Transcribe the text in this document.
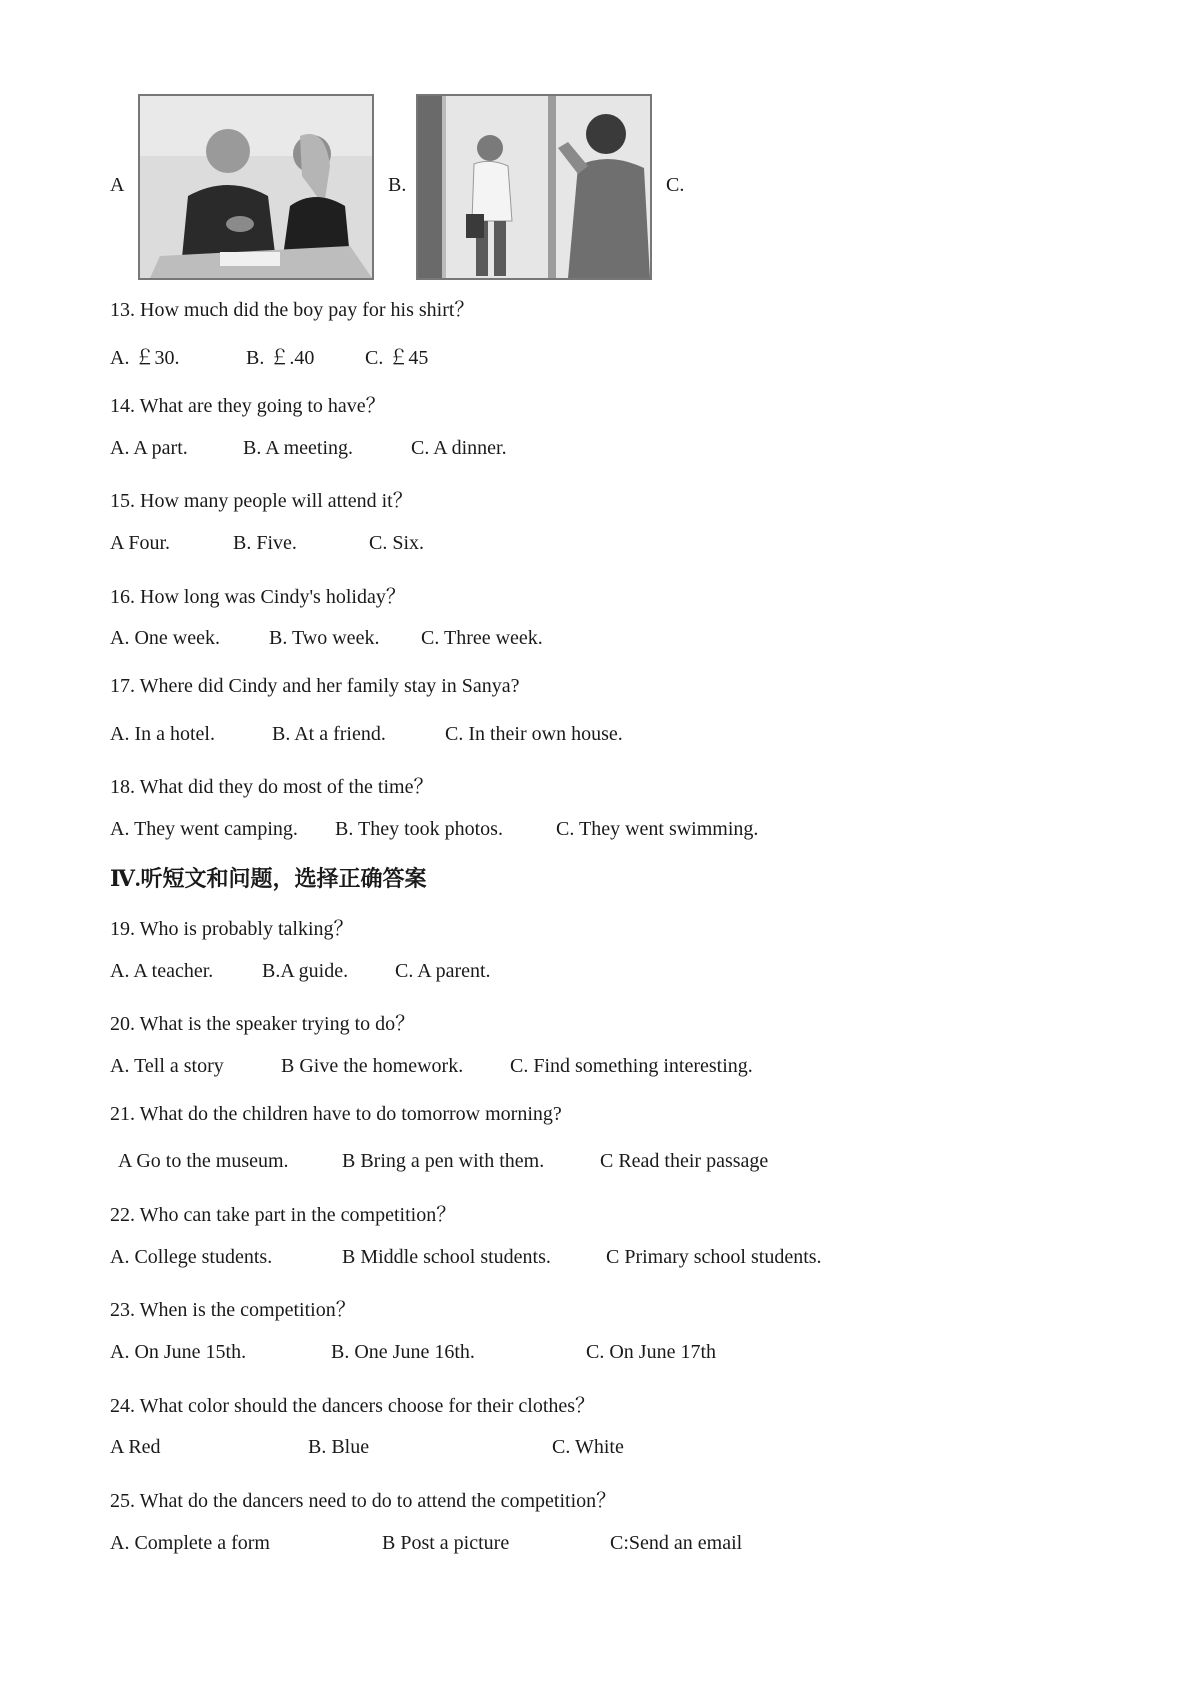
A	B.	C.
13. How much did the boy pay for his shirt？
A. ￡30.	B. ￡.40	C. ￡45
14. What are they going to have？
A. A part.	B. A meeting.	C. A dinner.
15. How many people will attend it？
A Four.	B. Five.	C. Six.
16. How long was Cindy's holiday？
A. One week. B. Two week. C. Three week.
17. Where did Cindy and her family stay in Sanya?
A. In a hotel.	B. At a friend.	C. In their own house.
18. What did they do most of the time？
A. They went camping. B. They took photos.	C. They went swimming.
Ⅳ.听短文和问题，选择正确答案
19. Who is probably talking？
A. A teacher. B.A guide. C. A parent.
20. What is the speaker trying to do？
A. Tell a story	B Give the homework. C. Find something interesting.
21. What do the children have to do tomorrow morning?
A Go to the museum.	B Bring a pen with them.	C Read their passage
22. Who can take part in the competition？
A. College students.	B Middle school students.	C Primary school students.
23. When is the competition？
A. On June 15th.	B. One June 16th.	C. On June 17th
24. What color should the dancers choose for their clothes？
A Red	B. Blue	C. White
25. What do the dancers need to do to attend the competition？
A. Complete a form	B Post a picture	C:Send an email
